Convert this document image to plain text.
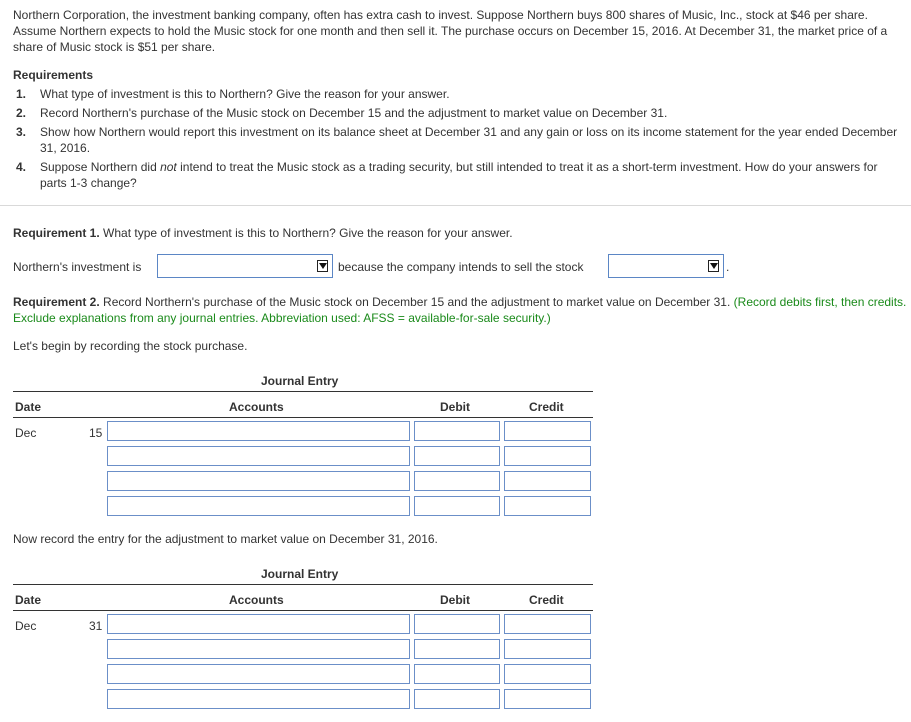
Northern Corporation, the investment banking company, often has extra cash to invest. Suppose Northern buys 800 shares of Music, Inc., stock at $46 per share. Assume Northern expects to hold the Music stock for one month and then sell it. The purchase occurs on December 15, 2016. At December 31, the market price of a share of Music stock is $51 per share.
Requirements
1. What type of investment is this to Northern? Give the reason for your answer.
2. Record Northern's purchase of the Music stock on December 15 and the adjustment to market value on December 31.
3. Show how Northern would report this investment on its balance sheet at December 31 and any gain or loss on its income statement for the year ended December 31, 2016.
4. Suppose Northern did not intend to treat the Music stock as a trading security, but still intended to treat it as a short-term investment. How do your answers for parts 1-3 change?
Requirement 1. What type of investment is this to Northern? Give the reason for your answer.
Northern's investment is	because the company intends to sell the stock	.
Requirement 2. Record Northern's purchase of the Music stock on December 15 and the adjustment to market value on December 31. (Record debits first, then credits. Exclude explanations from any journal entries. Abbreviation used: AFSS = available-for-sale security.)
Let's begin by recording the stock purchase.
Journal Entry
Date	Accounts	Debit	Credit
Dec	15
Now record the entry for the adjustment to market value on December 31, 2016.
Journal Entry
Date	Accounts	Debit	Credit
Dec	31
